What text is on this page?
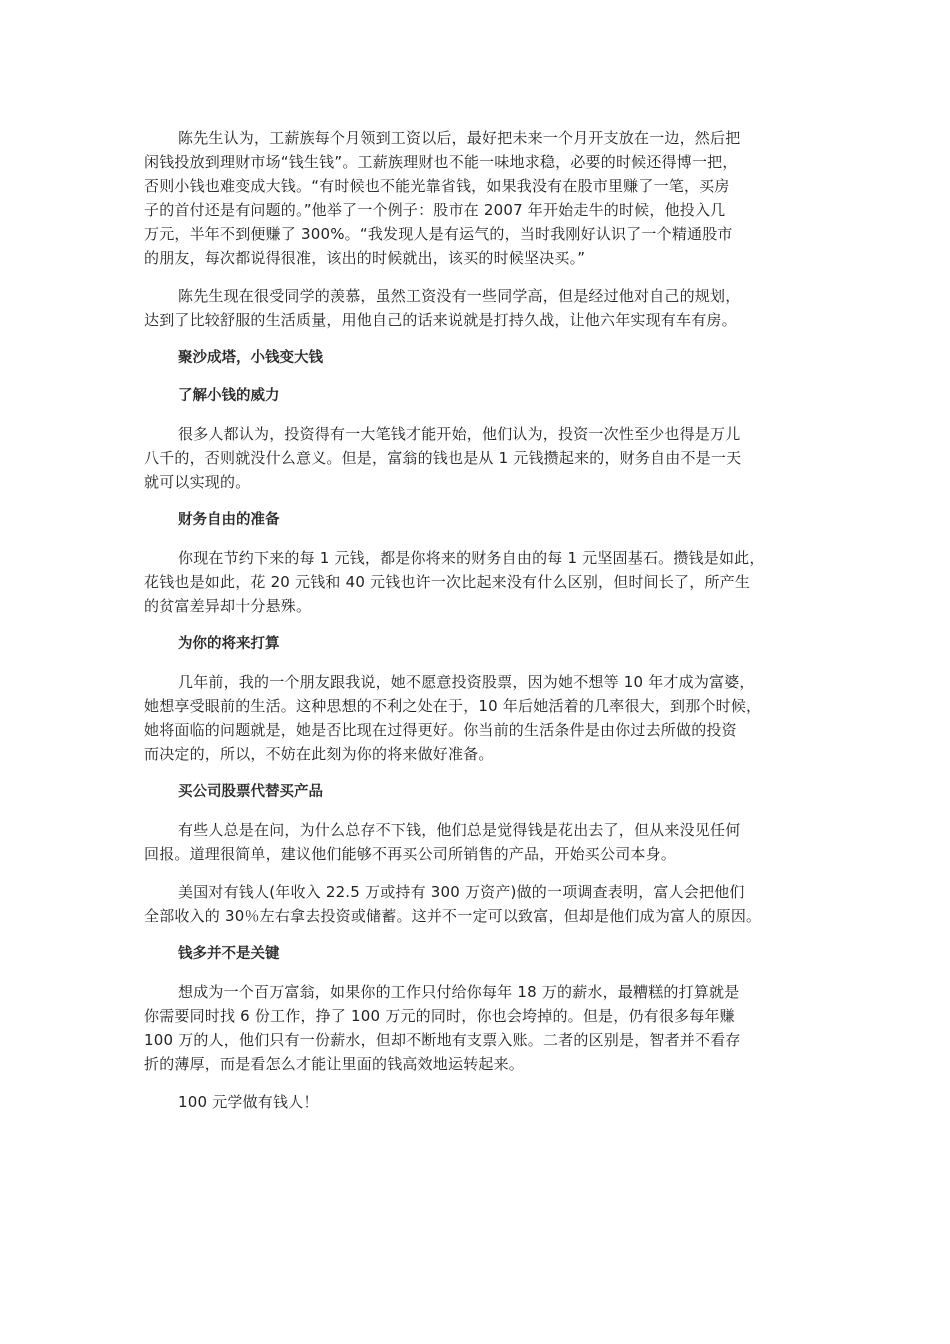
陈先生认为，工薪族每个月领到工资以后，最好把未来一个月开支放在一边，然后把
闲钱投放到理财市场“钱生钱”。工薪族理财也不能一味地求稳，必要的时候还得博一把，
否则小钱也难变成大钱。“有时候也不能光靠省钱，如果我没有在股市里赚了一笔，买房
子的首付还是有问题的。”他举了一个例子：股市在 2007 年开始走牛的时候，他投入几
万元，半年不到便赚了 300%。“我发现人是有运气的，当时我刚好认识了一个精通股市
的朋友，每次都说得很准，该出的时候就出，该买的时候坚决买。”

陈先生现在很受同学的羡慕，虽然工资没有一些同学高，但是经过他对自己的规划，
达到了比较舒服的生活质量，用他自己的话来说就是打持久战，让他六年实现有车有房。

聚沙成塔，小钱变大钱

了解小钱的威力

很多人都认为，投资得有一大笔钱才能开始，他们认为，投资一次性至少也得是万儿
八千的，否则就没什么意义。但是，富翁的钱也是从 1 元钱攒起来的，财务自由不是一天
就可以实现的。

财务自由的准备

你现在节约下来的每 1 元钱，都是你将来的财务自由的每 1 元坚固基石。攒钱是如此，
花钱也是如此，花 20 元钱和 40 元钱也许一次比起来没有什么区别，但时间长了，所产生
的贫富差异却十分悬殊。

为你的将来打算

几年前，我的一个朋友跟我说，她不愿意投资股票，因为她不想等 10 年才成为富婆，
她想享受眼前的生活。这种思想的不利之处在于，10 年后她活着的几率很大，到那个时候，
她将面临的问题就是，她是否比现在过得更好。你当前的生活条件是由你过去所做的投资
而决定的，所以，不妨在此刻为你的将来做好准备。

买公司股票代替买产品

有些人总是在问，为什么总存不下钱，他们总是觉得钱是花出去了，但从来没见任何
回报。道理很简单，建议他们能够不再买公司所销售的产品，开始买公司本身。

美国对有钱人(年收入 22.5 万或持有 300 万资产)做的一项调查表明，富人会把他们
全部收入的 30％左右拿去投资或储蓄。这并不一定可以致富，但却是他们成为富人的原因。

钱多并不是关键

想成为一个百万富翁，如果你的工作只付给你每年 18 万的薪水，最糟糕的打算就是
你需要同时找 6 份工作，挣了 100 万元的同时，你也会垮掉的。但是，仍有很多每年赚
100 万的人，他们只有一份薪水，但却不断地有支票入账。二者的区别是，智者并不看存
折的薄厚，而是看怎么才能让里面的钱高效地运转起来。

100 元学做有钱人！
